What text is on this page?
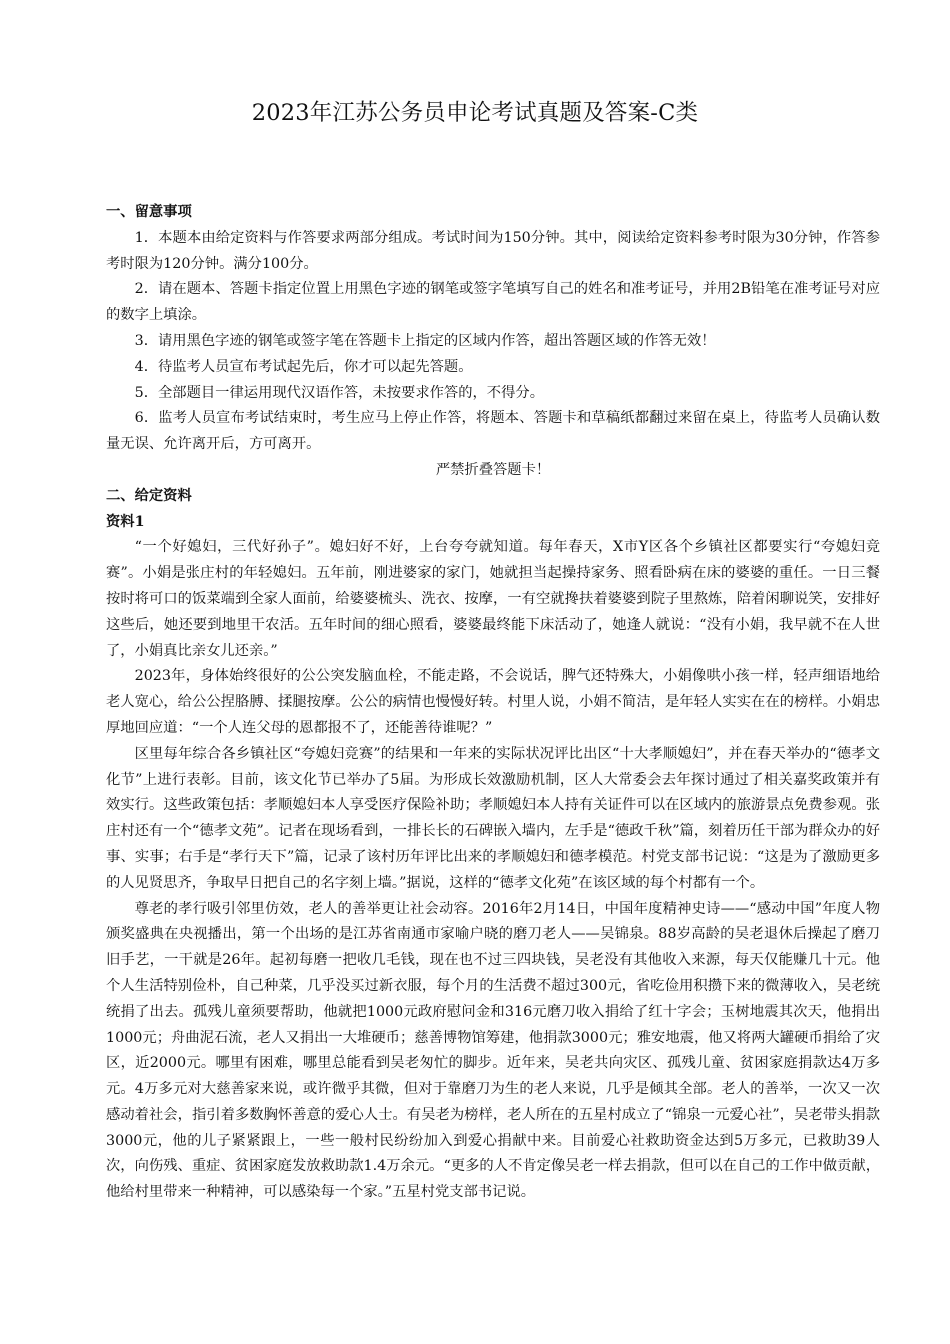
2023年江苏公务员申论考试真题及答案-C类

一、留意事项

1．本题本由给定资料与作答要求两部分组成。考试时间为150分钟。其中，阅读给定资料参考时限为30分钟，作答参考时限为120分钟。满分100分。

2．请在题本、答题卡指定位置上用黑色字迹的钢笔或签字笔填写自己的姓名和准考证号，并用2B铅笔在准考证号对应的数字上填涂。

3．请用黑色字迹的钢笔或签字笔在答题卡上指定的区域内作答，超出答题区域的作答无效！

4．待监考人员宣布考试起先后，你才可以起先答题。

5．全部题目一律运用现代汉语作答，未按要求作答的，不得分。

6．监考人员宣布考试结束时，考生应马上停止作答，将题本、答题卡和草稿纸都翻过来留在桌上，待监考人员确认数量无误、允许离开后，方可离开。

严禁折叠答题卡！

二、给定资料

资料1

“一个好媳妇，三代好孙子”。媳妇好不好，上台夸夸就知道。每年春天，X市Y区各个乡镇社区都要实行“夸媳妇竞赛”。小娟是张庄村的年轻媳妇。五年前，刚进婆家的家门，她就担当起操持家务、照看卧病在床的婆婆的重任。一日三餐按时将可口的饭菜端到全家人面前，给婆婆梳头、洗衣、按摩，一有空就搀扶着婆婆到院子里熬炼，陪着闲聊说笑，安排好这些后，她还要到地里干农活。五年时间的细心照看，婆婆最终能下床活动了，她逢人就说：“没有小娟，我早就不在人世了，小娟真比亲女儿还亲。”

2023年，身体始终很好的公公突发脑血栓，不能走路，不会说话，脾气还特殊大，小娟像哄小孩一样，轻声细语地给老人宽心，给公公捏胳膊、揉腿按摩。公公的病情也慢慢好转。村里人说，小娟不简洁，是年轻人实实在在的榜样。小娟忠厚地回应道：“一个人连父母的恩都报不了，还能善待谁呢？”

区里每年综合各乡镇社区“夸媳妇竞赛”的结果和一年来的实际状况评比出区“十大孝顺媳妇”，并在春天举办的“德孝文化节”上进行表彰。目前，该文化节已举办了5届。为形成长效激励机制，区人大常委会去年探讨通过了相关嘉奖政策并有效实行。这些政策包括：孝顺媳妇本人享受医疗保险补助；孝顺媳妇本人持有关证件可以在区域内的旅游景点免费参观。张庄村还有一个“德孝文苑”。记者在现场看到，一排长长的石碑嵌入墙内，左手是“德政千秋”篇，刻着历任干部为群众办的好事、实事；右手是“孝行天下”篇，记录了该村历年评比出来的孝顺媳妇和德孝模范。村党支部书记说：“这是为了激励更多的人见贤思齐，争取早日把自己的名字刻上墙。”据说，这样的“德孝文化苑”在该区域的每个村都有一个。

尊老的孝行吸引邻里仿效，老人的善举更让社会动容。2016年2月14日，中国年度精神史诗——“感动中国”年度人物颁奖盛典在央视播出，第一个出场的是江苏省南通市家喻户晓的磨刀老人——吴锦泉。88岁高龄的吴老退休后操起了磨刀旧手艺，一干就是26年。起初每磨一把收几毛钱，现在也不过三四块钱，吴老没有其他收入来源，每天仅能赚几十元。他个人生活特别俭朴，自己种菜，几乎没买过新衣服，每个月的生活费不超过300元，省吃俭用积攒下来的微薄收入，吴老统统捐了出去。孤残儿童须要帮助，他就把1000元政府慰问金和316元磨刀收入捐给了红十字会；玉树地震其次天，他捐出1000元；舟曲泥石流，老人又捐出一大堆硬币；慈善博物馆筹建，他捐款3000元；雅安地震，他又将两大罐硬币捐给了灾区，近2000元。哪里有困难，哪里总能看到吴老匆忙的脚步。近年来，吴老共向灾区、孤残儿童、贫困家庭捐款达4万多元。4万多元对大慈善家来说，或许微乎其微，但对于靠磨刀为生的老人来说，几乎是倾其全部。老人的善举，一次又一次感动着社会，指引着多数胸怀善意的爱心人士。有吴老为榜样，老人所在的五星村成立了“锦泉一元爱心社”，吴老带头捐款3000元，他的儿子紧紧跟上，一些一般村民纷纷加入到爱心捐献中来。目前爱心社救助资金达到5万多元，已救助39人次，向伤残、重症、贫困家庭发放救助款1.4万余元。“更多的人不肯定像吴老一样去捐款，但可以在自己的工作中做贡献，他给村里带来一种精神，可以感染每一个家。”五星村党支部书记说。
